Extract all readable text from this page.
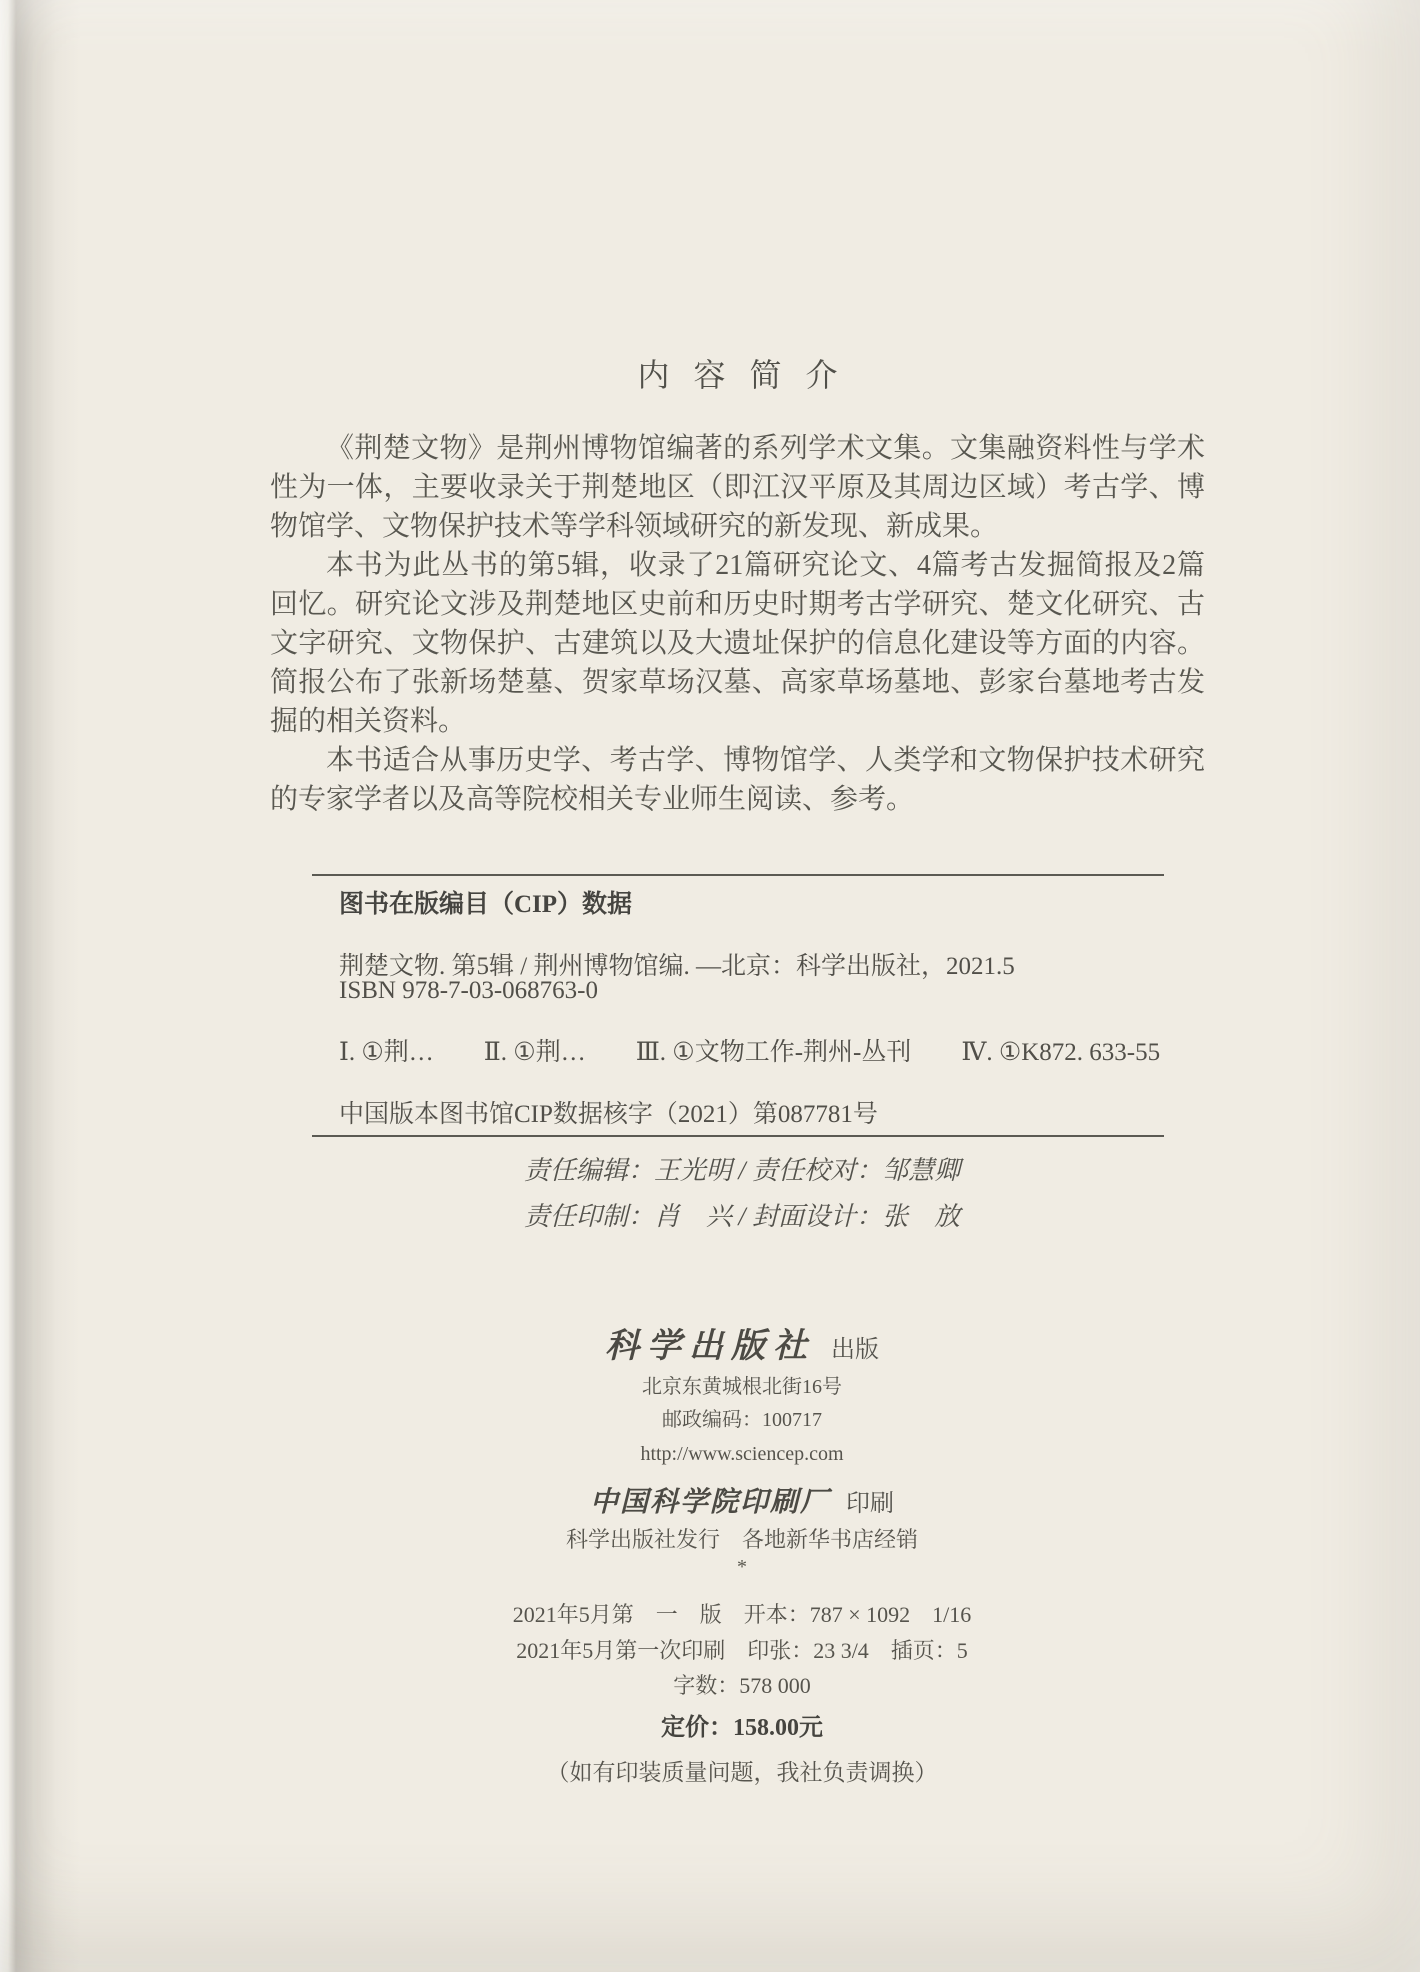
内容简介

《荆楚文物》是荆州博物馆编著的系列学术文集。文集融资料性与学术性为一体，主要收录关于荆楚地区（即江汉平原及其周边区域）考古学、博物馆学、文物保护技术等学科领域研究的新发现、新成果。

本书为此丛书的第5辑，收录了21篇研究论文、4篇考古发掘简报及2篇回忆。研究论文涉及荆楚地区史前和历史时期考古学研究、楚文化研究、古文字研究、文物保护、古建筑以及大遗址保护的信息化建设等方面的内容。简报公布了张新场楚墓、贺家草场汉墓、高家草场墓地、彭家台墓地考古发掘的相关资料。

本书适合从事历史学、考古学、博物馆学、人类学和文物保护技术研究的专家学者以及高等院校相关专业师生阅读、参考。

图书在版编目（CIP）数据

荆楚文物. 第5辑 / 荆州博物馆编. —北京：科学出版社，2021.5

ISBN 978-7-03-068763-0

Ⅰ. ①荆…　　Ⅱ. ①荆…　　Ⅲ. ①文物工作-荆州-丛刊　　Ⅳ. ①K872. 633-55

中国版本图书馆CIP数据核字（2021）第087781号

责任编辑：王光明 / 责任校对：邹慧卿

责任印制：肖　兴 / 封面设计：张　放

科学出版社 出版

北京东黄城根北街16号

邮政编码：100717

http://www.sciencep.com

中国科学院印刷厂 印刷

科学出版社发行　各地新华书店经销

*

2021年5月第　一　版　开本：787 × 1092　1/16

2021年5月第一次印刷　印张：23 3/4　插页：5

字数：578 000

定价：158.00元

（如有印装质量问题，我社负责调换）
